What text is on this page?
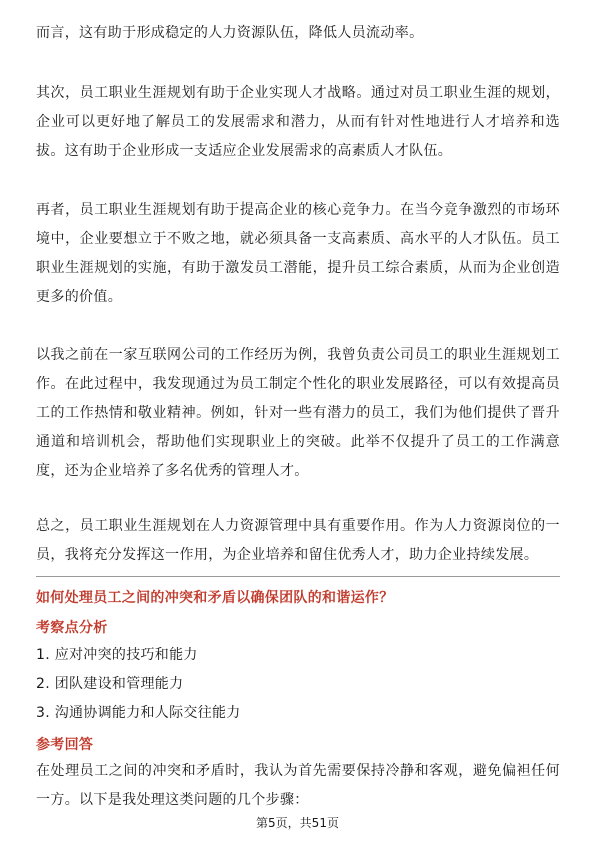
而言，这有助于形成稳定的人力资源队伍，降低人员流动率。

其次，员工职业生涯规划有助于企业实现人才战略。通过对员工职业生涯的规划，企业可以更好地了解员工的发展需求和潜力，从而有针对性地进行人才培养和选拔。这有助于企业形成一支适应企业发展需求的高素质人才队伍。

再者，员工职业生涯规划有助于提高企业的核心竞争力。在当今竞争激烈的市场环境中，企业要想立于不败之地，就必须具备一支高素质、高水平的人才队伍。员工职业生涯规划的实施，有助于激发员工潜能，提升员工综合素质，从而为企业创造更多的价值。

以我之前在一家互联网公司的工作经历为例，我曾负责公司员工的职业生涯规划工作。在此过程中，我发现通过为员工制定个性化的职业发展路径，可以有效提高员工的工作热情和敬业精神。例如，针对一些有潜力的员工，我们为他们提供了晋升通道和培训机会，帮助他们实现职业上的突破。此举不仅提升了员工的工作满意度，还为企业培养了多名优秀的管理人才。

总之，员工职业生涯规划在人力资源管理中具有重要作用。作为人力资源岗位的一员，我将充分发挥这一作用，为企业培养和留住优秀人才，助力企业持续发展。

如何处理员工之间的冲突和矛盾以确保团队的和谐运作？
考察点分析
1. 应对冲突的技巧和能力
2. 团队建设和管理能力
3. 沟通协调能力和人际交往能力
参考回答

在处理员工之间的冲突和矛盾时，我认为首先需要保持冷静和客观，避免偏袒任何一方。以下是我处理这类问题的几个步骤：

第5页，共51页
